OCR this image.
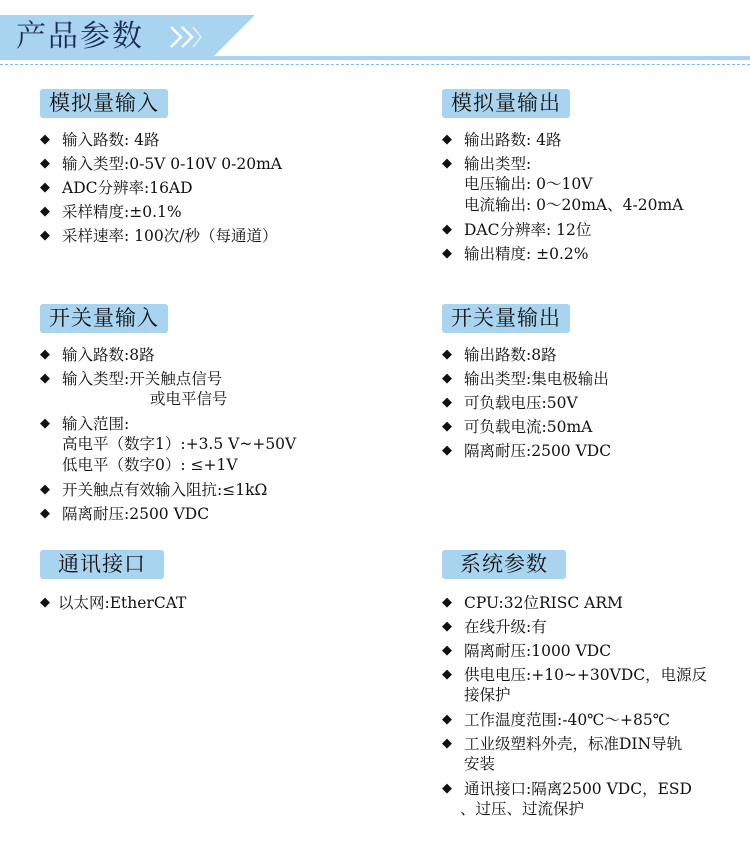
产品参数
模拟量输入
◆ 输入路数: 4路
◆ 输入类型:0-5V 0-10V 0-20mA
◆ ADC分辨率:16AD
◆ 采样精度:±0.1%
◆ 采样速率: 100次/秒（每通道）
模拟量输出
◆ 输出路数: 4路
◆ 输出类型:
电压输出: 0～10V
电流输出: 0～20mA、4-20mA
◆ DAC分辨率: 12位
◆ 输出精度: ±0.2%
开关量输入
◆ 输入路数:8路
◆ 输入类型:开关触点信号
或电平信号
◆ 输入范围:
高电平（数字1）:+3.5 V~+50V
低电平（数字0）: ≤+1V
◆ 开关触点有效输入阻抗:≤1kΩ
◆ 隔离耐压:2500 VDC
开关量输出
◆ 输出路数:8路
◆ 输出类型:集电极输出
◆ 可负载电压:50V
◆ 可负载电流:50mA
◆ 隔离耐压:2500 VDC
通讯接口
◆ 以太网:EtherCAT
系统参数
◆ CPU:32位RISC ARM
◆ 在线升级:有
◆ 隔离耐压:1000 VDC
◆ 供电电压:+10~+30VDC，电源反
接保护
◆ 工作温度范围:-40℃～+85℃
◆ 工业级塑料外壳，标准DIN导轨
安装
◆ 通讯接口:隔离2500 VDC，ESD
、过压、过流保护
